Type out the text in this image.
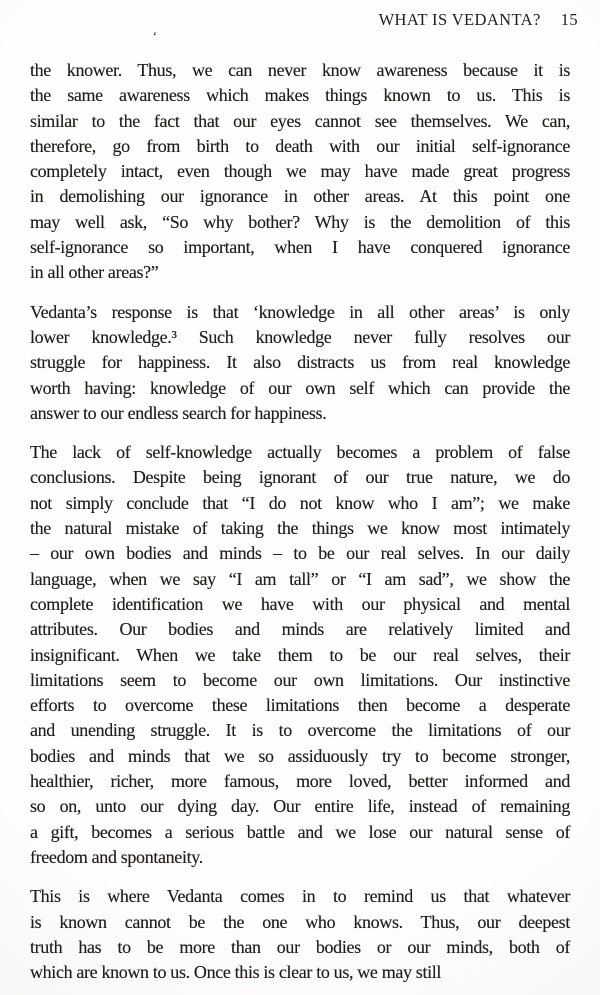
WHAT IS VEDANTA? 15
‘
the knower. Thus, we can never know awareness because it is
the same awareness which makes things known to us. This is
similar to the fact that our eyes cannot see themselves. We can,
therefore, go from birth to death with our initial self-ignorance
completely intact, even though we may have made great progress
in demolishing our ignorance in other areas. At this point one
may well ask, “So why bother? Why is the demolition of this
self-ignorance so important, when I have conquered ignorance
in all other areas?”
Vedanta’s response is that ‘knowledge in all other areas’ is only
lower knowledge.³ Such knowledge never fully resolves our
struggle for happiness. It also distracts us from real knowledge
worth having: knowledge of our own self which can provide the
answer to our endless search for happiness.
The lack of self-knowledge actually becomes a problem of false
conclusions. Despite being ignorant of our true nature, we do
not simply conclude that “I do not know who I am”; we make
the natural mistake of taking the things we know most intimately
– our own bodies and minds – to be our real selves. In our daily
language, when we say “I am tall” or “I am sad”, we show the
complete identification we have with our physical and mental
attributes. Our bodies and minds are relatively limited and
insignificant. When we take them to be our real selves, their
limitations seem to become our own limitations. Our instinctive
efforts to overcome these limitations then become a desperate
and unending struggle. It is to overcome the limitations of our
bodies and minds that we so assiduously try to become stronger,
healthier, richer, more famous, more loved, better informed and
so on, unto our dying day. Our entire life, instead of remaining
a gift, becomes a serious battle and we lose our natural sense of
freedom and spontaneity.
This is where Vedanta comes in to remind us that whatever
is known cannot be the one who knows. Thus, our deepest
truth has to be more than our bodies or our minds, both of
which are known to us. Once this is clear to us, we may still
